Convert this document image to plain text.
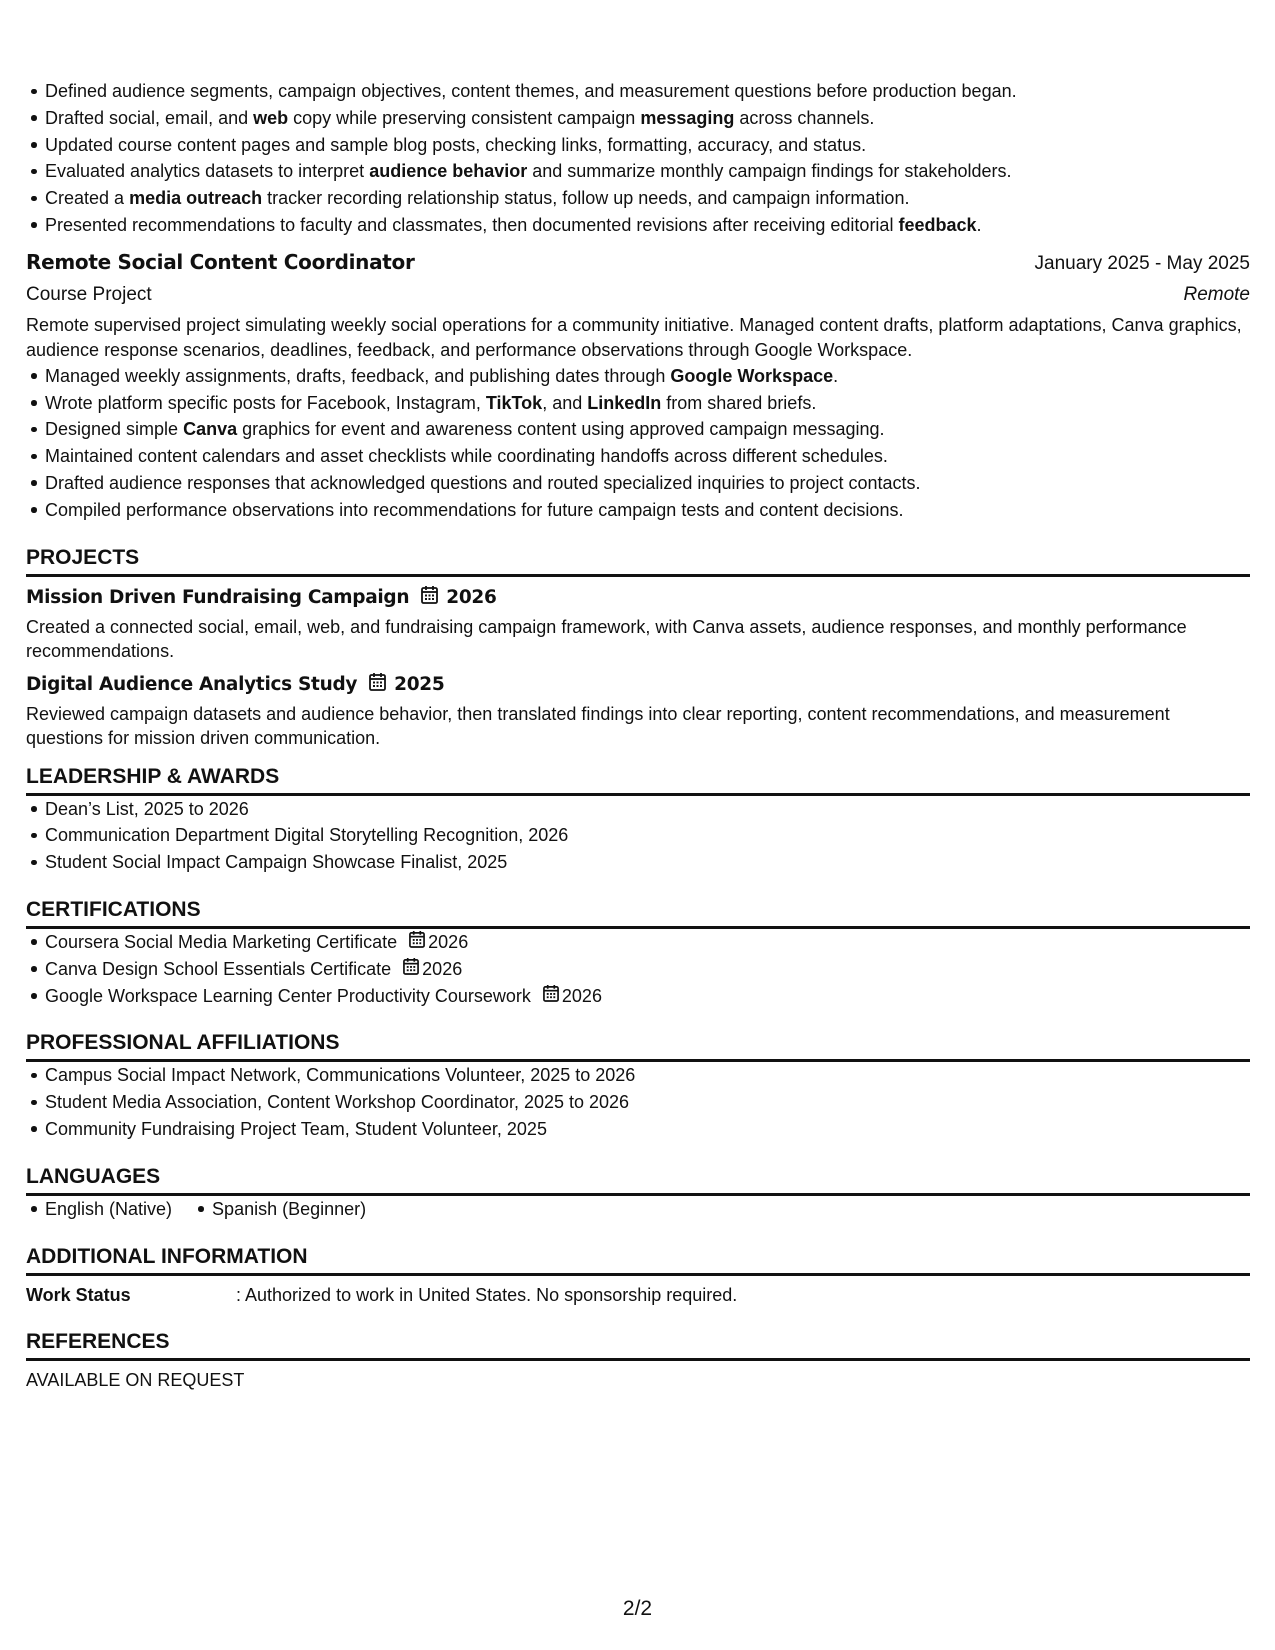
Defined audience segments, campaign objectives, content themes, and measurement questions before production began.
Drafted social, email, and web copy while preserving consistent campaign messaging across channels.
Updated course content pages and sample blog posts, checking links, formatting, accuracy, and status.
Evaluated analytics datasets to interpret audience behavior and summarize monthly campaign findings for stakeholders.
Created a media outreach tracker recording relationship status, follow up needs, and campaign information.
Presented recommendations to faculty and classmates, then documented revisions after receiving editorial feedback.
Remote Social Content Coordinator	January 2025 - May 2025
Course Project	Remote
Remote supervised project simulating weekly social operations for a community initiative. Managed content drafts, platform adaptations, Canva graphics, audience response scenarios, deadlines, feedback, and performance observations through Google Workspace.
Managed weekly assignments, drafts, feedback, and publishing dates through Google Workspace.
Wrote platform specific posts for Facebook, Instagram, TikTok, and LinkedIn from shared briefs.
Designed simple Canva graphics for event and awareness content using approved campaign messaging.
Maintained content calendars and asset checklists while coordinating handoffs across different schedules.
Drafted audience responses that acknowledged questions and routed specialized inquiries to project contacts.
Compiled performance observations into recommendations for future campaign tests and content decisions.
PROJECTS
Mission Driven Fundraising Campaign 2026
Created a connected social, email, web, and fundraising campaign framework, with Canva assets, audience responses, and monthly performance recommendations.
Digital Audience Analytics Study 2025
Reviewed campaign datasets and audience behavior, then translated findings into clear reporting, content recommendations, and measurement questions for mission driven communication.
LEADERSHIP & AWARDS
Dean’s List, 2025 to 2026
Communication Department Digital Storytelling Recognition, 2026
Student Social Impact Campaign Showcase Finalist, 2025
CERTIFICATIONS
Coursera Social Media Marketing Certificate 2026
Canva Design School Essentials Certificate 2026
Google Workspace Learning Center Productivity Coursework 2026
PROFESSIONAL AFFILIATIONS
Campus Social Impact Network, Communications Volunteer, 2025 to 2026
Student Media Association, Content Workshop Coordinator, 2025 to 2026
Community Fundraising Project Team, Student Volunteer, 2025
LANGUAGES
English (Native) Spanish (Beginner)
ADDITIONAL INFORMATION
Work Status	: Authorized to work in United States. No sponsorship required.
REFERENCES
AVAILABLE ON REQUEST
2/2
